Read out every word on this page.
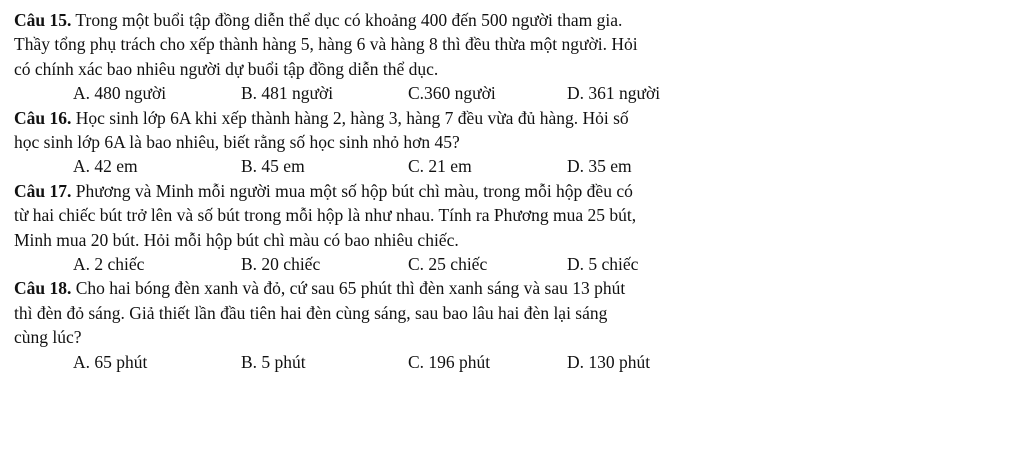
Câu 15. Trong một buổi tập đồng diễn thể dục có khoảng 400 đến 500 người tham gia.
Thầy tổng phụ trách cho xếp thành hàng 5, hàng 6 và hàng 8 thì đều thừa một người. Hỏi
có chính xác bao nhiêu người dự buổi tập đồng diễn thể dục.
A. 480 người	B. 481 người	C.360 người	D. 361 người
Câu 16. Học sinh lớp 6A khi xếp thành hàng 2, hàng 3, hàng 7 đều vừa đủ hàng. Hỏi số
học sinh lớp 6A là bao nhiêu, biết rằng số học sinh nhỏ hơn 45?
A. 42 em	B. 45 em	C. 21 em	D. 35 em
Câu 17. Phương và Minh mỗi người mua một số hộp bút chì màu, trong mỗi hộp đều có
từ hai chiếc bút trở lên và số bút trong mỗi hộp là như nhau. Tính ra Phương mua 25 bút,
Minh mua 20 bút. Hỏi mỗi hộp bút chì màu có bao nhiêu chiếc.
A. 2 chiếc	B. 20 chiếc	C. 25 chiếc	D. 5 chiếc
Câu 18. Cho hai bóng đèn xanh và đỏ, cứ sau 65 phút thì đèn xanh sáng và sau 13 phút
thì đèn đỏ sáng. Giả thiết lần đầu tiên hai đèn cùng sáng, sau bao lâu hai đèn lại sáng
cùng lúc?
A. 65 phút	B. 5 phút	C. 196 phút	D. 130 phút
